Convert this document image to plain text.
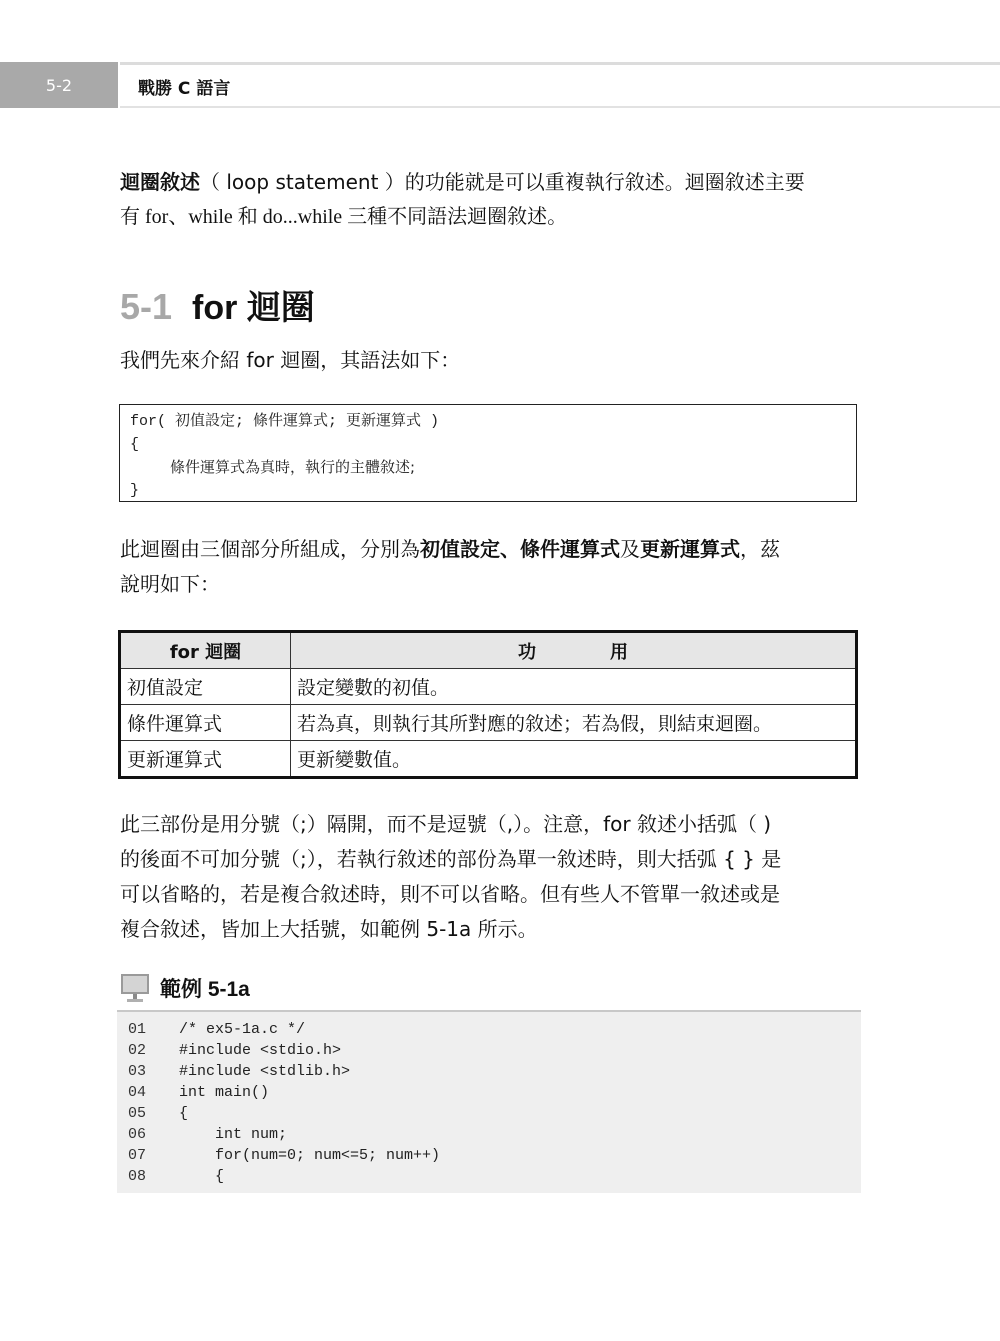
5-2	戰勝 C 語言
迴圈敘述（ loop statement ）的功能就是可以重複執行敘述。迴圈敘述主要
有 for、while 和 do...while 三種不同語法迴圈敘述。
5-1 for 迴圈
我們先來介紹 for 迴圈，其語法如下：
for( 初值設定; 條件運算式; 更新運算式 )
{
條件運算式為真時，執行的主體敘述;
}
此迴圈由三個部分所組成，分別為初值設定、條件運算式及更新運算式，茲
說明如下：
for 迴圈	功 用
初值設定	設定變數的初值。
條件運算式	若為真，則執行其所對應的敘述；若為假，則結束迴圈。
更新運算式	更新變數值。
此三部份是用分號（;）隔開，而不是逗號（,）。注意，for 敘述小括弧（ )
的後面不可加分號（;），若執行敘述的部份為單一敘述時，則大括弧 { } 是
可以省略的，若是複合敘述時，則不可以省略。但有些人不管單一敘述或是
複合敘述，皆加上大括號，如範例 5-1a 所示。
範例 5-1a
01	/* ex5-1a.c */
02	#include <stdio.h>
03	#include <stdlib.h>
04	int main()
05	{
06	int num;
07	for(num=0; num<=5; num++)
08	{
